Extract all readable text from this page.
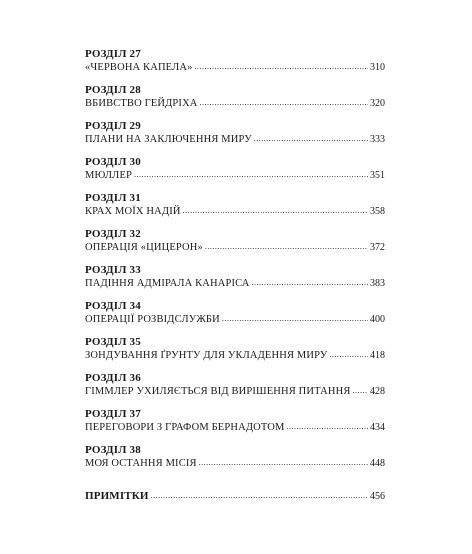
РОЗДІЛ 27
«ЧЕРВОНА КАПЕЛА» .....	310
РОЗДІЛ 28
ВБИВСТВО ГЕЙДРІХА .....	320
РОЗДІЛ 29
ПЛАНИ НА ЗАКЛЮЧЕННЯ МИРУ .....	333
РОЗДІЛ 30
МЮЛЛЕР .....	351
РОЗДІЛ 31
КРАХ МОЇХ НАДІЙ .....	358
РОЗДІЛ 32
ОПЕРАЦІЯ «ЦИЦЕРОН» .....	372
РОЗДІЛ 33
ПАДІННЯ АДМІРАЛА КАНАРІСА .....	383
РОЗДІЛ 34
ОПЕРАЦІЇ РОЗВІДСЛУЖБИ .....	400
РОЗДІЛ 35
ЗОНДУВАННЯ ҐРУНТУ ДЛЯ УКЛАДЕННЯ МИРУ .....	418
РОЗДІЛ 36
ГІММЛЕР УХИЛЯЄТЬСЯ ВІД ВИРІШЕННЯ ПИТАННЯ ..... 428
РОЗДІЛ 37
ПЕРЕГОВОРИ З ГРАФОМ БЕРНАДОТОМ .....	434
РОЗДІЛ 38
МОЯ ОСТАННЯ МІСІЯ .....	448
ПРИМІТКИ .....	456
